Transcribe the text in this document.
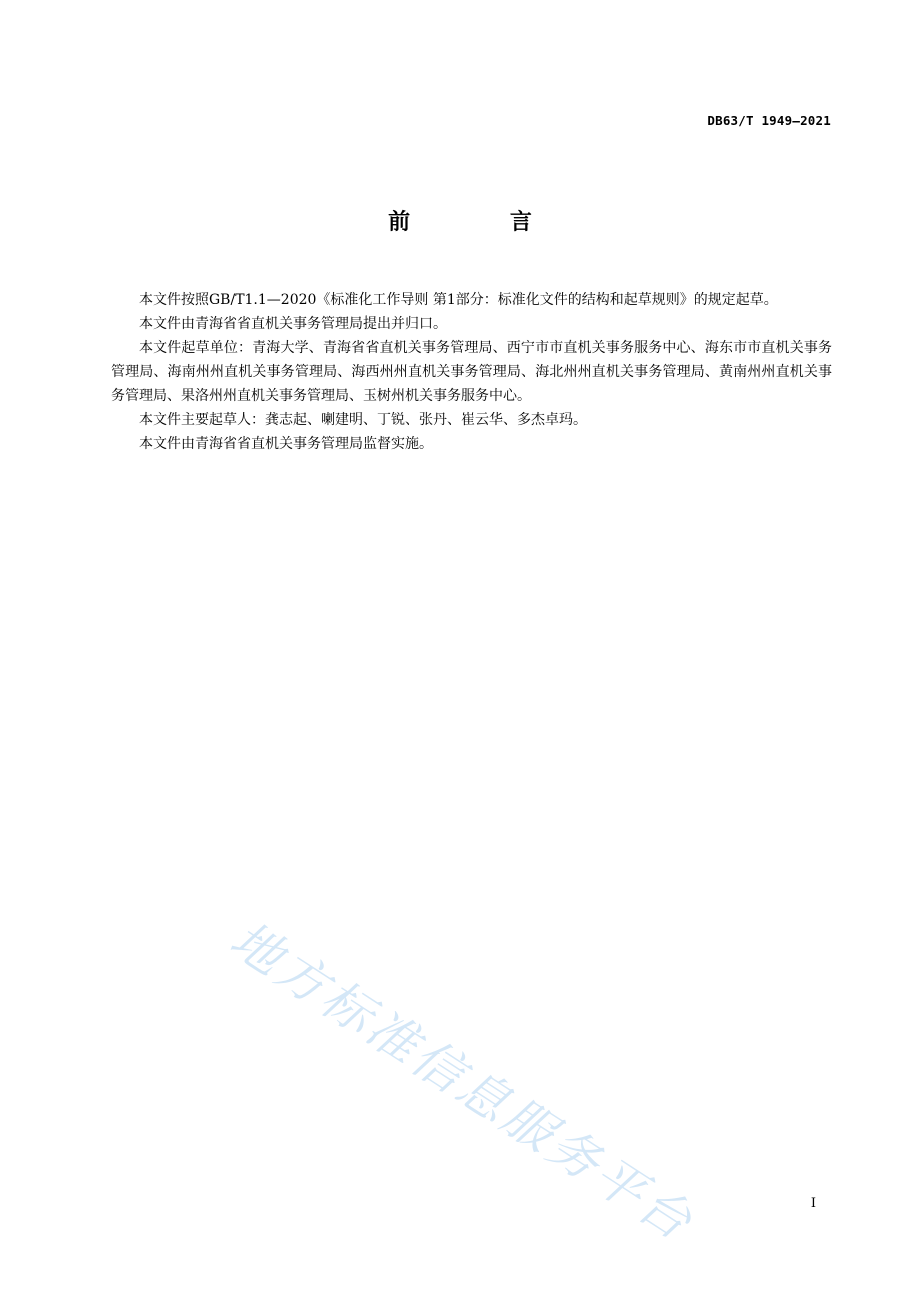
DB63/T 1949—2021
前 言

本文件按照GB/T1.1—2020《标准化工作导则 第1部分：标准化文件的结构和起草规则》的规定起草。

本文件由青海省省直机关事务管理局提出并归口。

本文件起草单位：青海大学、青海省省直机关事务管理局、西宁市市直机关事务服务中心、海东市市直机关事务管理局、海南州州直机关事务管理局、海西州州直机关事务管理局、海北州州直机关事务管理局、黄南州州直机关事务管理局、果洛州州直机关事务管理局、玉树州机关事务服务中心。

本文件主要起草人：龚志起、喇建明、丁锐、张丹、崔云华、多杰卓玛。

本文件由青海省省直机关事务管理局监督实施。

地方标准信息服务平台	I
